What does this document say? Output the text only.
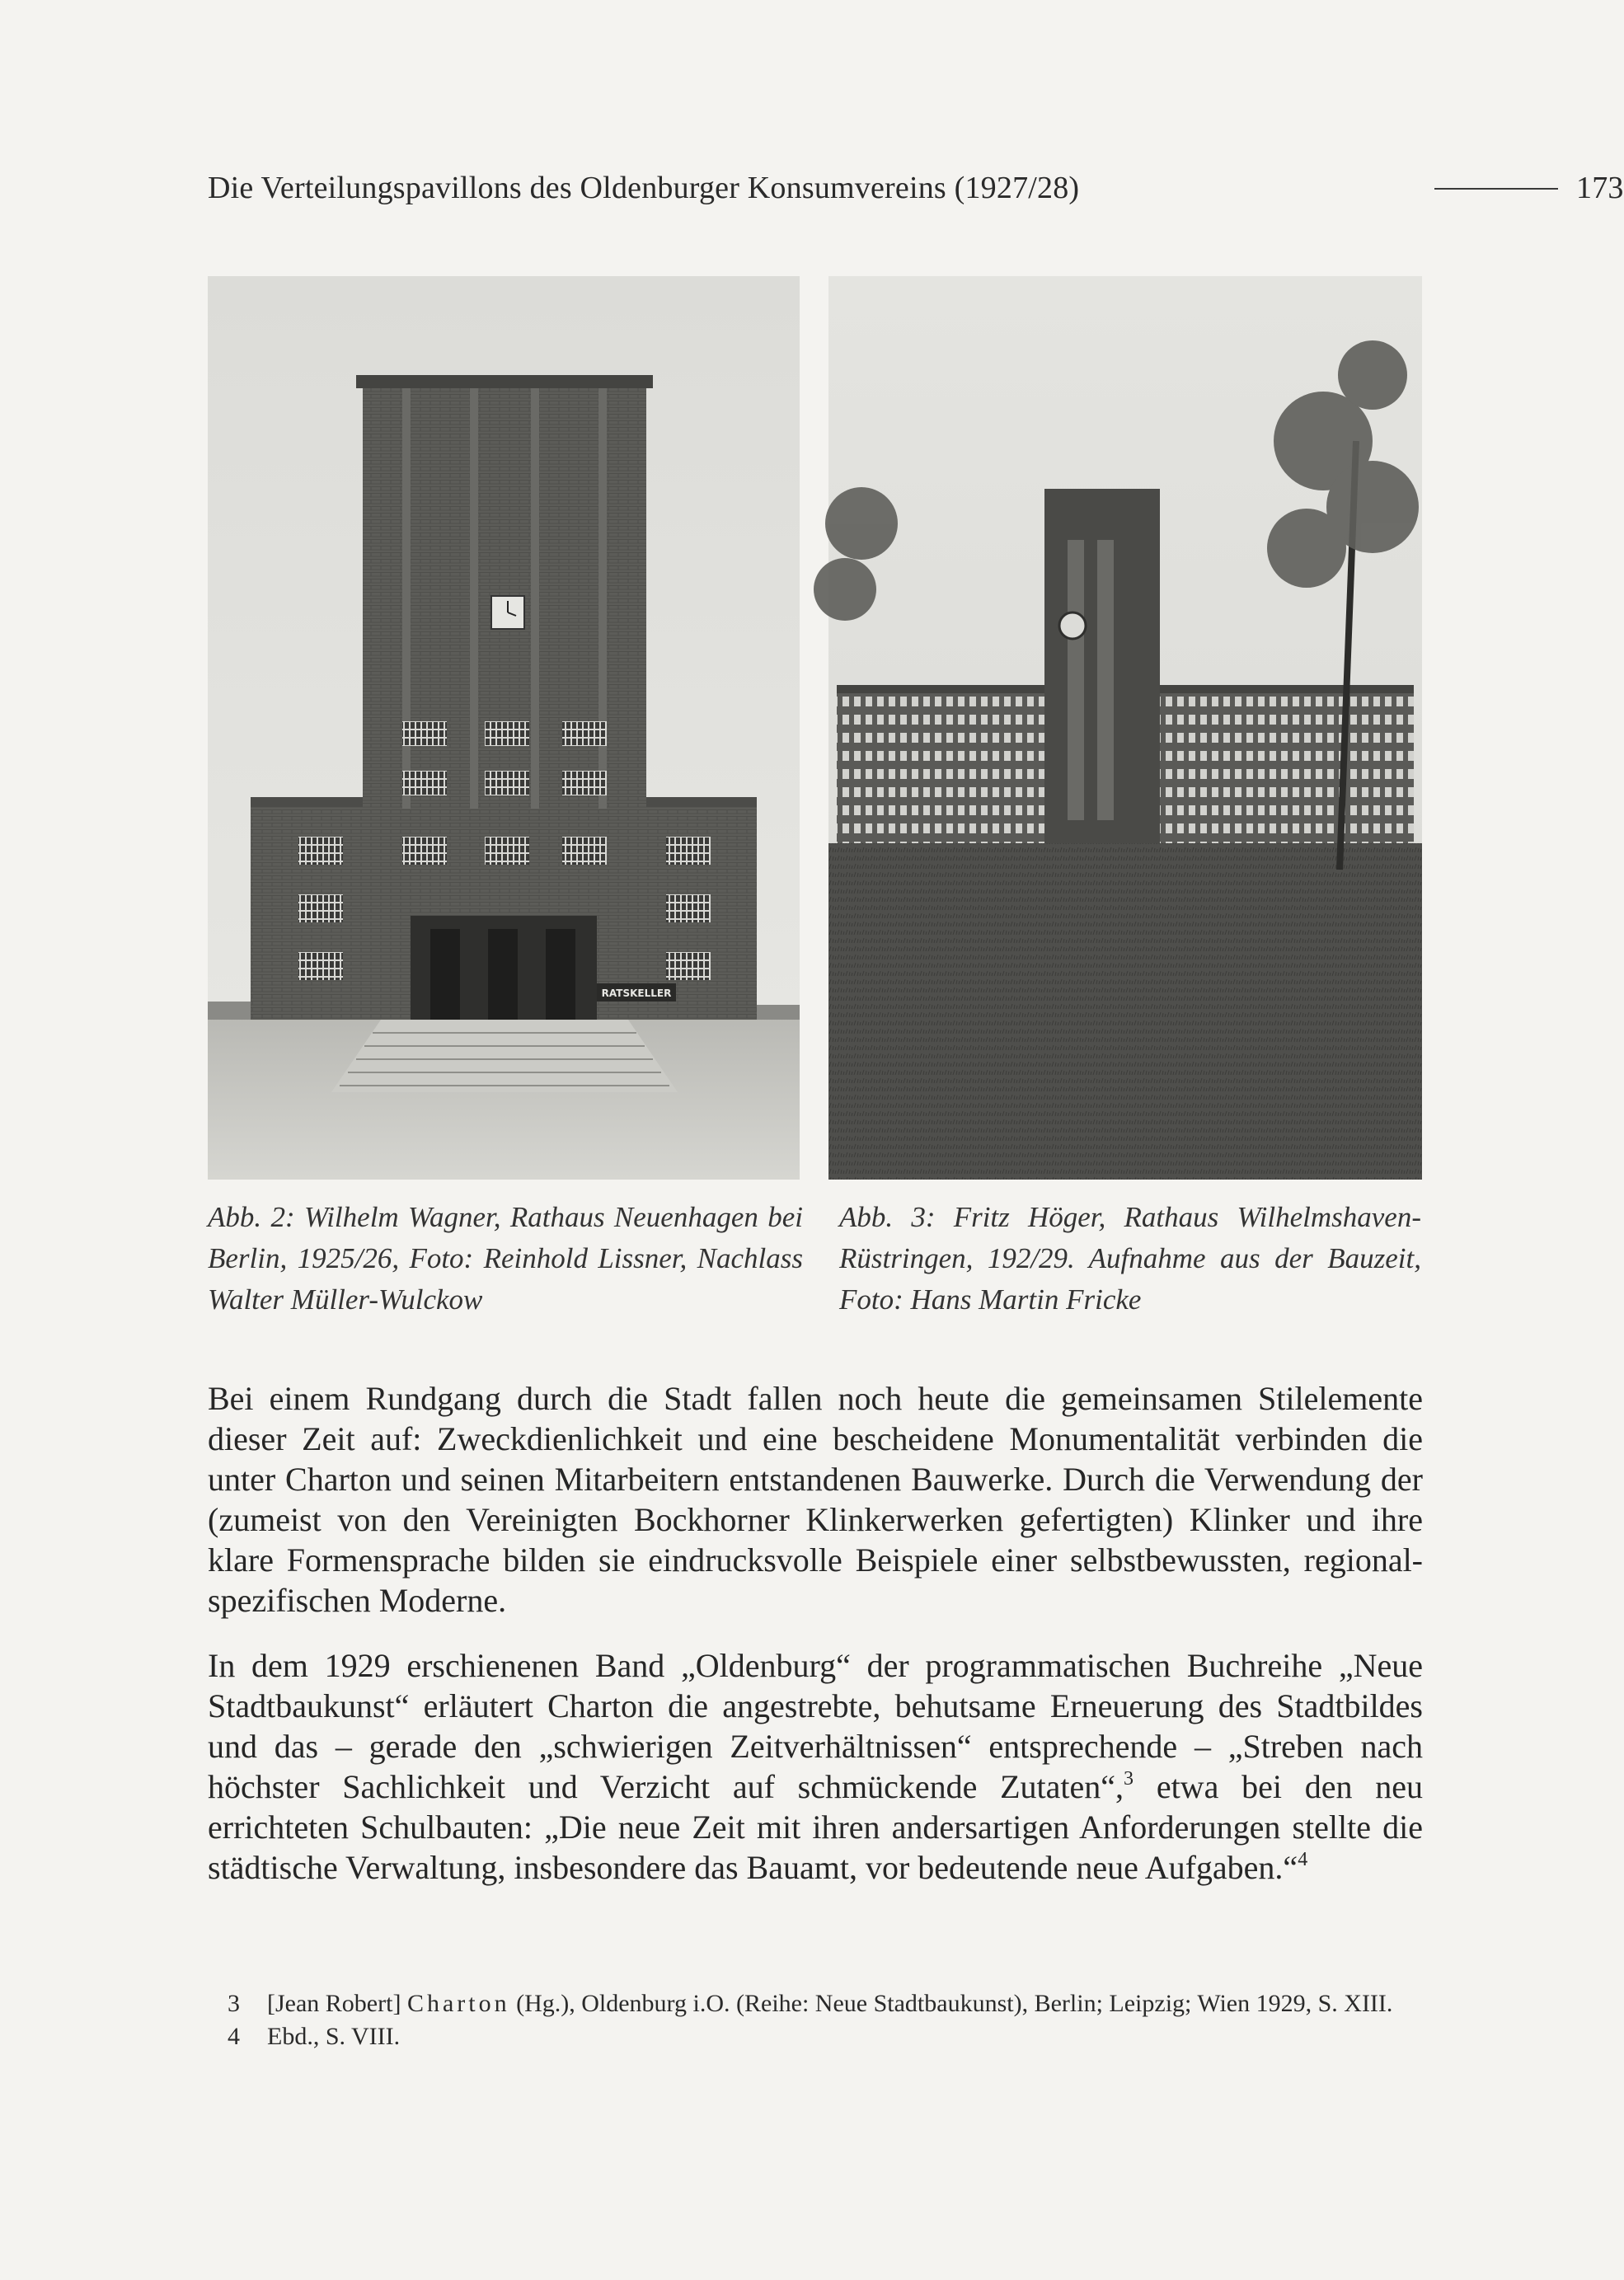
Die Verteilungspavillons des Oldenburger Konsumvereins (1927/28)	173
RATSKELLER
Abb. 2: Wilhelm Wagner, Rathaus Neuenhagen bei Berlin, 1925/26, Foto: Reinhold Lissner, Nachlass Walter Müller-Wulckow
Abb. 3: Fritz Höger, Rathaus Wilhelmshaven-Rüstringen, 192/29. Aufnahme aus der Bauzeit, Foto: Hans Martin Fricke

Bei einem Rundgang durch die Stadt fallen noch heute die gemeinsamen Stilelemente dieser Zeit auf: Zweckdienlichkeit und eine bescheidene Monumentalität verbinden die unter Charton und seinen Mitarbeitern entstandenen Bauwerke. Durch die Verwendung der (zumeist von den Vereinigten Bockhorner Klinkerwerken gefertigten) Klinker und ihre klare Formensprache bilden sie eindrucksvolle Beispiele einer selbstbewussten, regional-spezifischen Moderne.

In dem 1929 erschienenen Band „Oldenburg“ der programmatischen Buchreihe „Neue Stadtbaukunst“ erläutert Charton die angestrebte, behutsame Erneuerung des Stadtbildes und das – gerade den „schwierigen Zeitverhältnissen“ entsprechende – „Streben nach höchster Sachlichkeit und Verzicht auf schmückende Zutaten“,$^3$ etwa bei den neu errichteten Schulbauten: „Die neue Zeit mit ihren andersartigen Anforderungen stellte die städtische Verwaltung, insbesondere das Bauamt, vor bedeutende neue Aufgaben.“$^4$

3 [Jean Robert] Charton (Hg.), Oldenburg i.O. (Reihe: Neue Stadtbaukunst), Berlin; Leipzig; Wien 1929, S. XIII.
4 Ebd., S. VIII.
